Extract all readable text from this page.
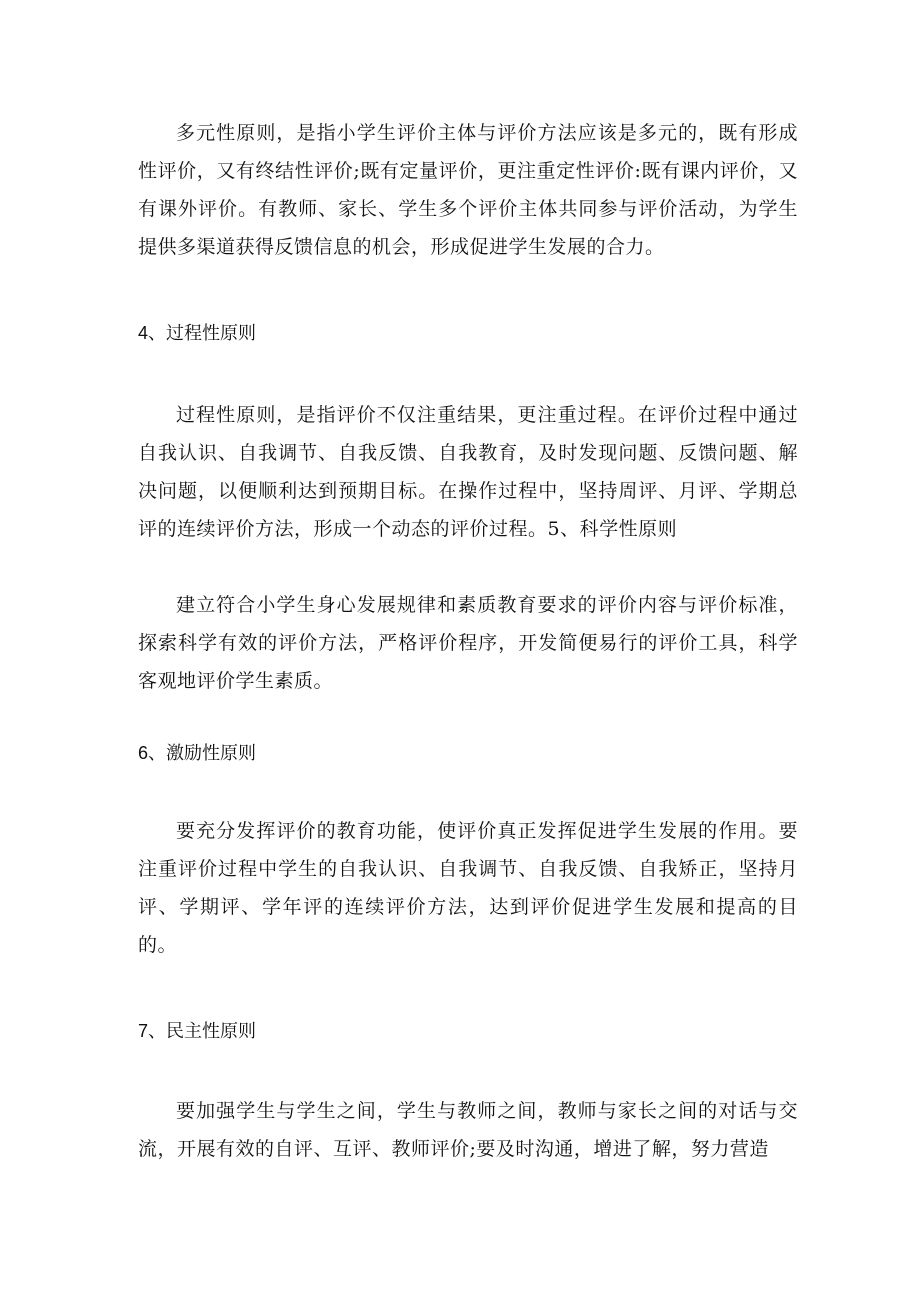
多元性原则，是指小学生评价主体与评价方法应该是多元的，既有形成性评价，又有终结性评价;既有定量评价，更注重定性评价:既有课内评价，又有课外评价。有教师、家长、学生多个评价主体共同参与评价活动，为学生提供多渠道获得反馈信息的机会，形成促进学生发展的合力。

4、过程性原则

过程性原则，是指评价不仅注重结果，更注重过程。在评价过程中通过自我认识、自我调节、自我反馈、自我教育，及时发现问题、反馈问题、解决问题，以便顺利达到预期目标。在操作过程中，坚持周评、月评、学期总评的连续评价方法，形成一个动态的评价过程。5、科学性原则

建立符合小学生身心发展规律和素质教育要求的评价内容与评价标准，探索科学有效的评价方法，严格评价程序，开发简便易行的评价工具，科学客观地评价学生素质。

6、激励性原则

要充分发挥评价的教育功能，使评价真正发挥促进学生发展的作用。要注重评价过程中学生的自我认识、自我调节、自我反馈、自我矫正，坚持月评、学期评、学年评的连续评价方法，达到评价促进学生发展和提高的目的。

7、民主性原则

要加强学生与学生之间，学生与教师之间，教师与家长之间的对话与交流，开展有效的自评、互评、教师评价;要及时沟通，增进了解，努力营造
